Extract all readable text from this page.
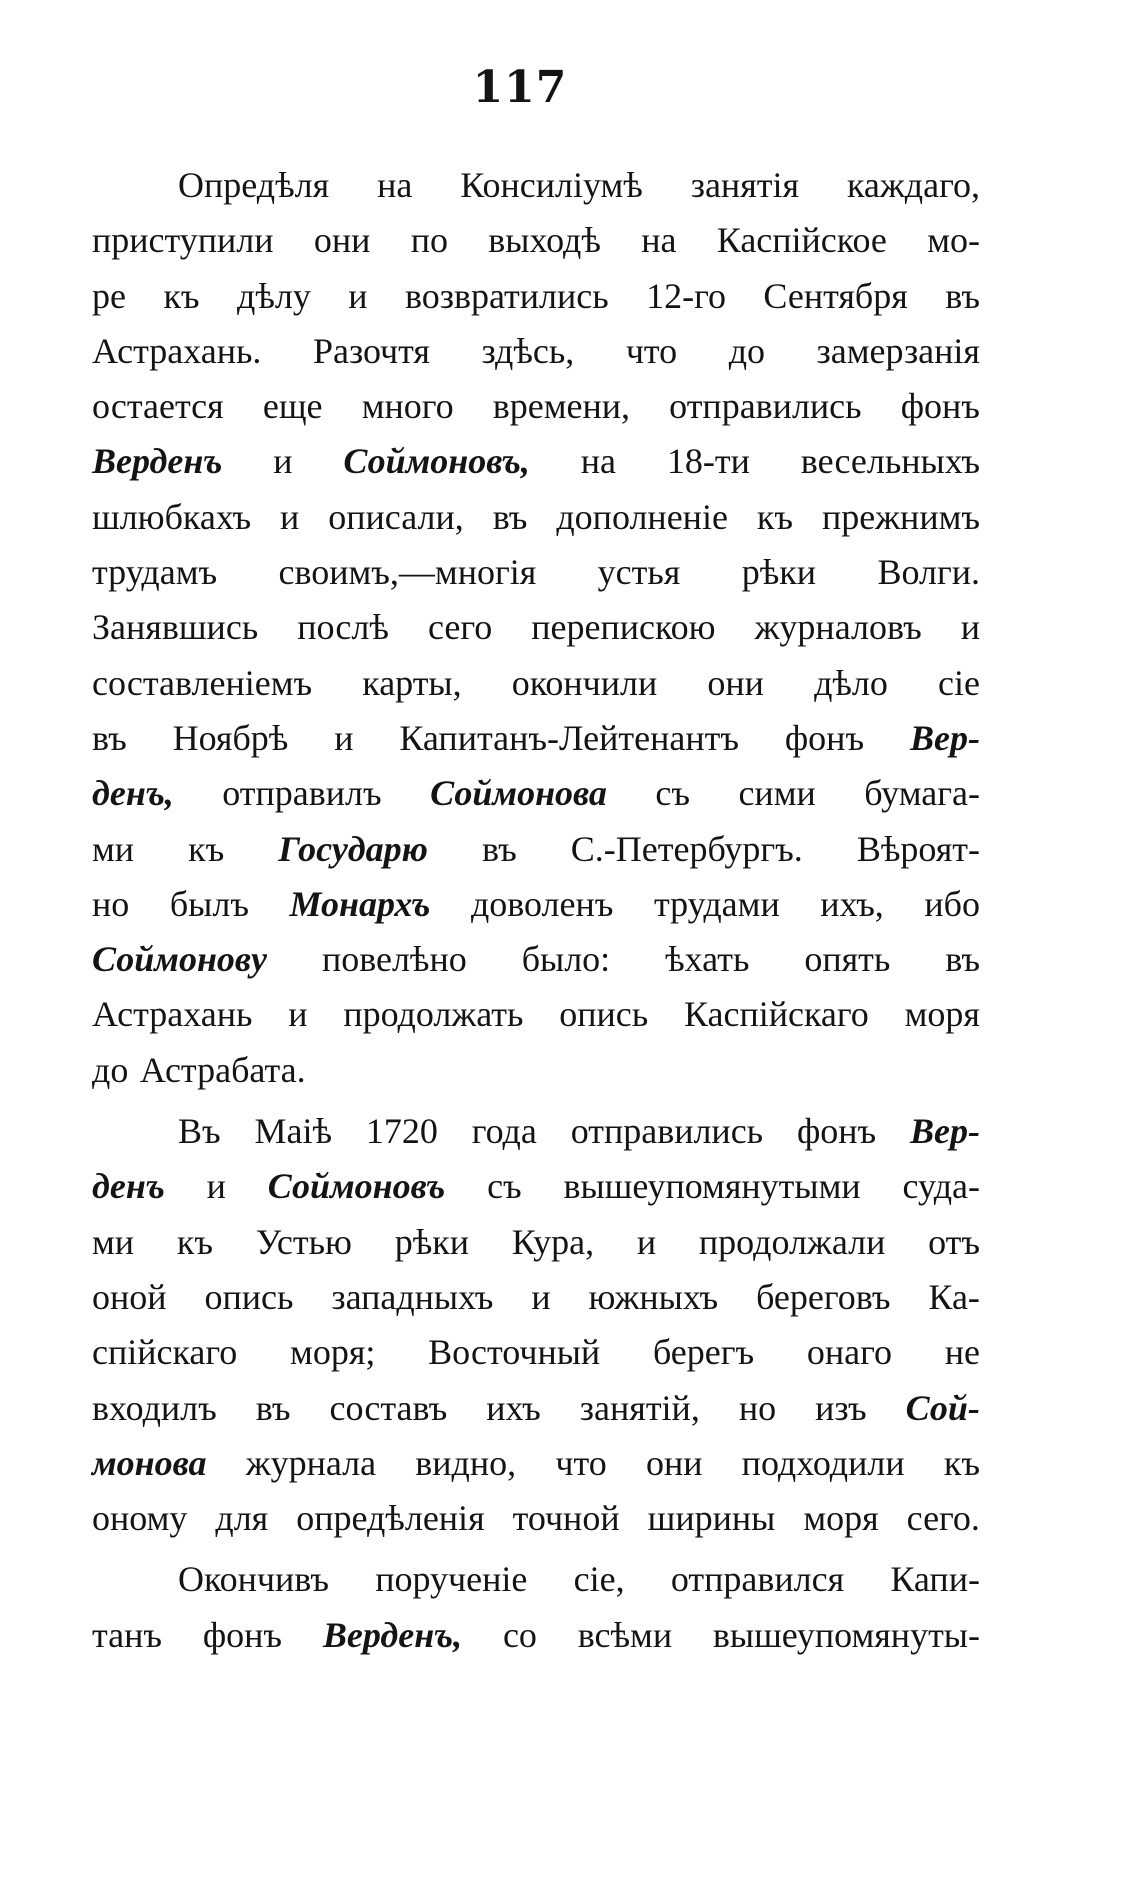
117
Опредѣля на Консиліумѣ занятія каждаго,
приступили они по выходѣ на Каспійское мо-
ре къ дѣлу и возвратились 12-го Сентября въ
Астрахань. Разочтя здѣсь, что до замерзанія
остается еще много времени, отправились фонъ
Верденъ и Соймоновъ, на 18-ти весельныхъ
шлюбкахъ и описали, въ дополненіе къ прежнимъ
трудамъ своимъ,—многія устья рѣки Волги.
Занявшись послѣ сего перепискою журналовъ и
составленіемъ карты, окончили они дѣло сіе
въ Ноябрѣ и Капитанъ-Лейтенантъ фонъ Вер-
денъ, отправилъ Соймонова съ сими бумага-
ми къ Государю въ С.-Петербургъ. Вѣроят-
но былъ Монархъ доволенъ трудами ихъ, ибо
Соймонову повелѣно было: ѣхать опять въ
Астрахань и продолжать опись Каспійскаго моря
до Астрабата.
Въ Маіѣ 1720 года отправились фонъ Вер-
денъ и Соймоновъ съ вышеупомянутыми суда-
ми къ Устью рѣки Кура, и продолжали отъ
оной опись западныхъ и южныхъ береговъ Ка-
спійскаго моря; Восточный берегъ онаго не
входилъ въ составъ ихъ занятій, но изъ Сой-
монова журнала видно, что они подходили къ
оному для опредѣленія точной ширины моря сего.
Окончивъ порученіе сіе, отправился Капи-
танъ фонъ Верденъ, со всѣми вышеупомянуты-
